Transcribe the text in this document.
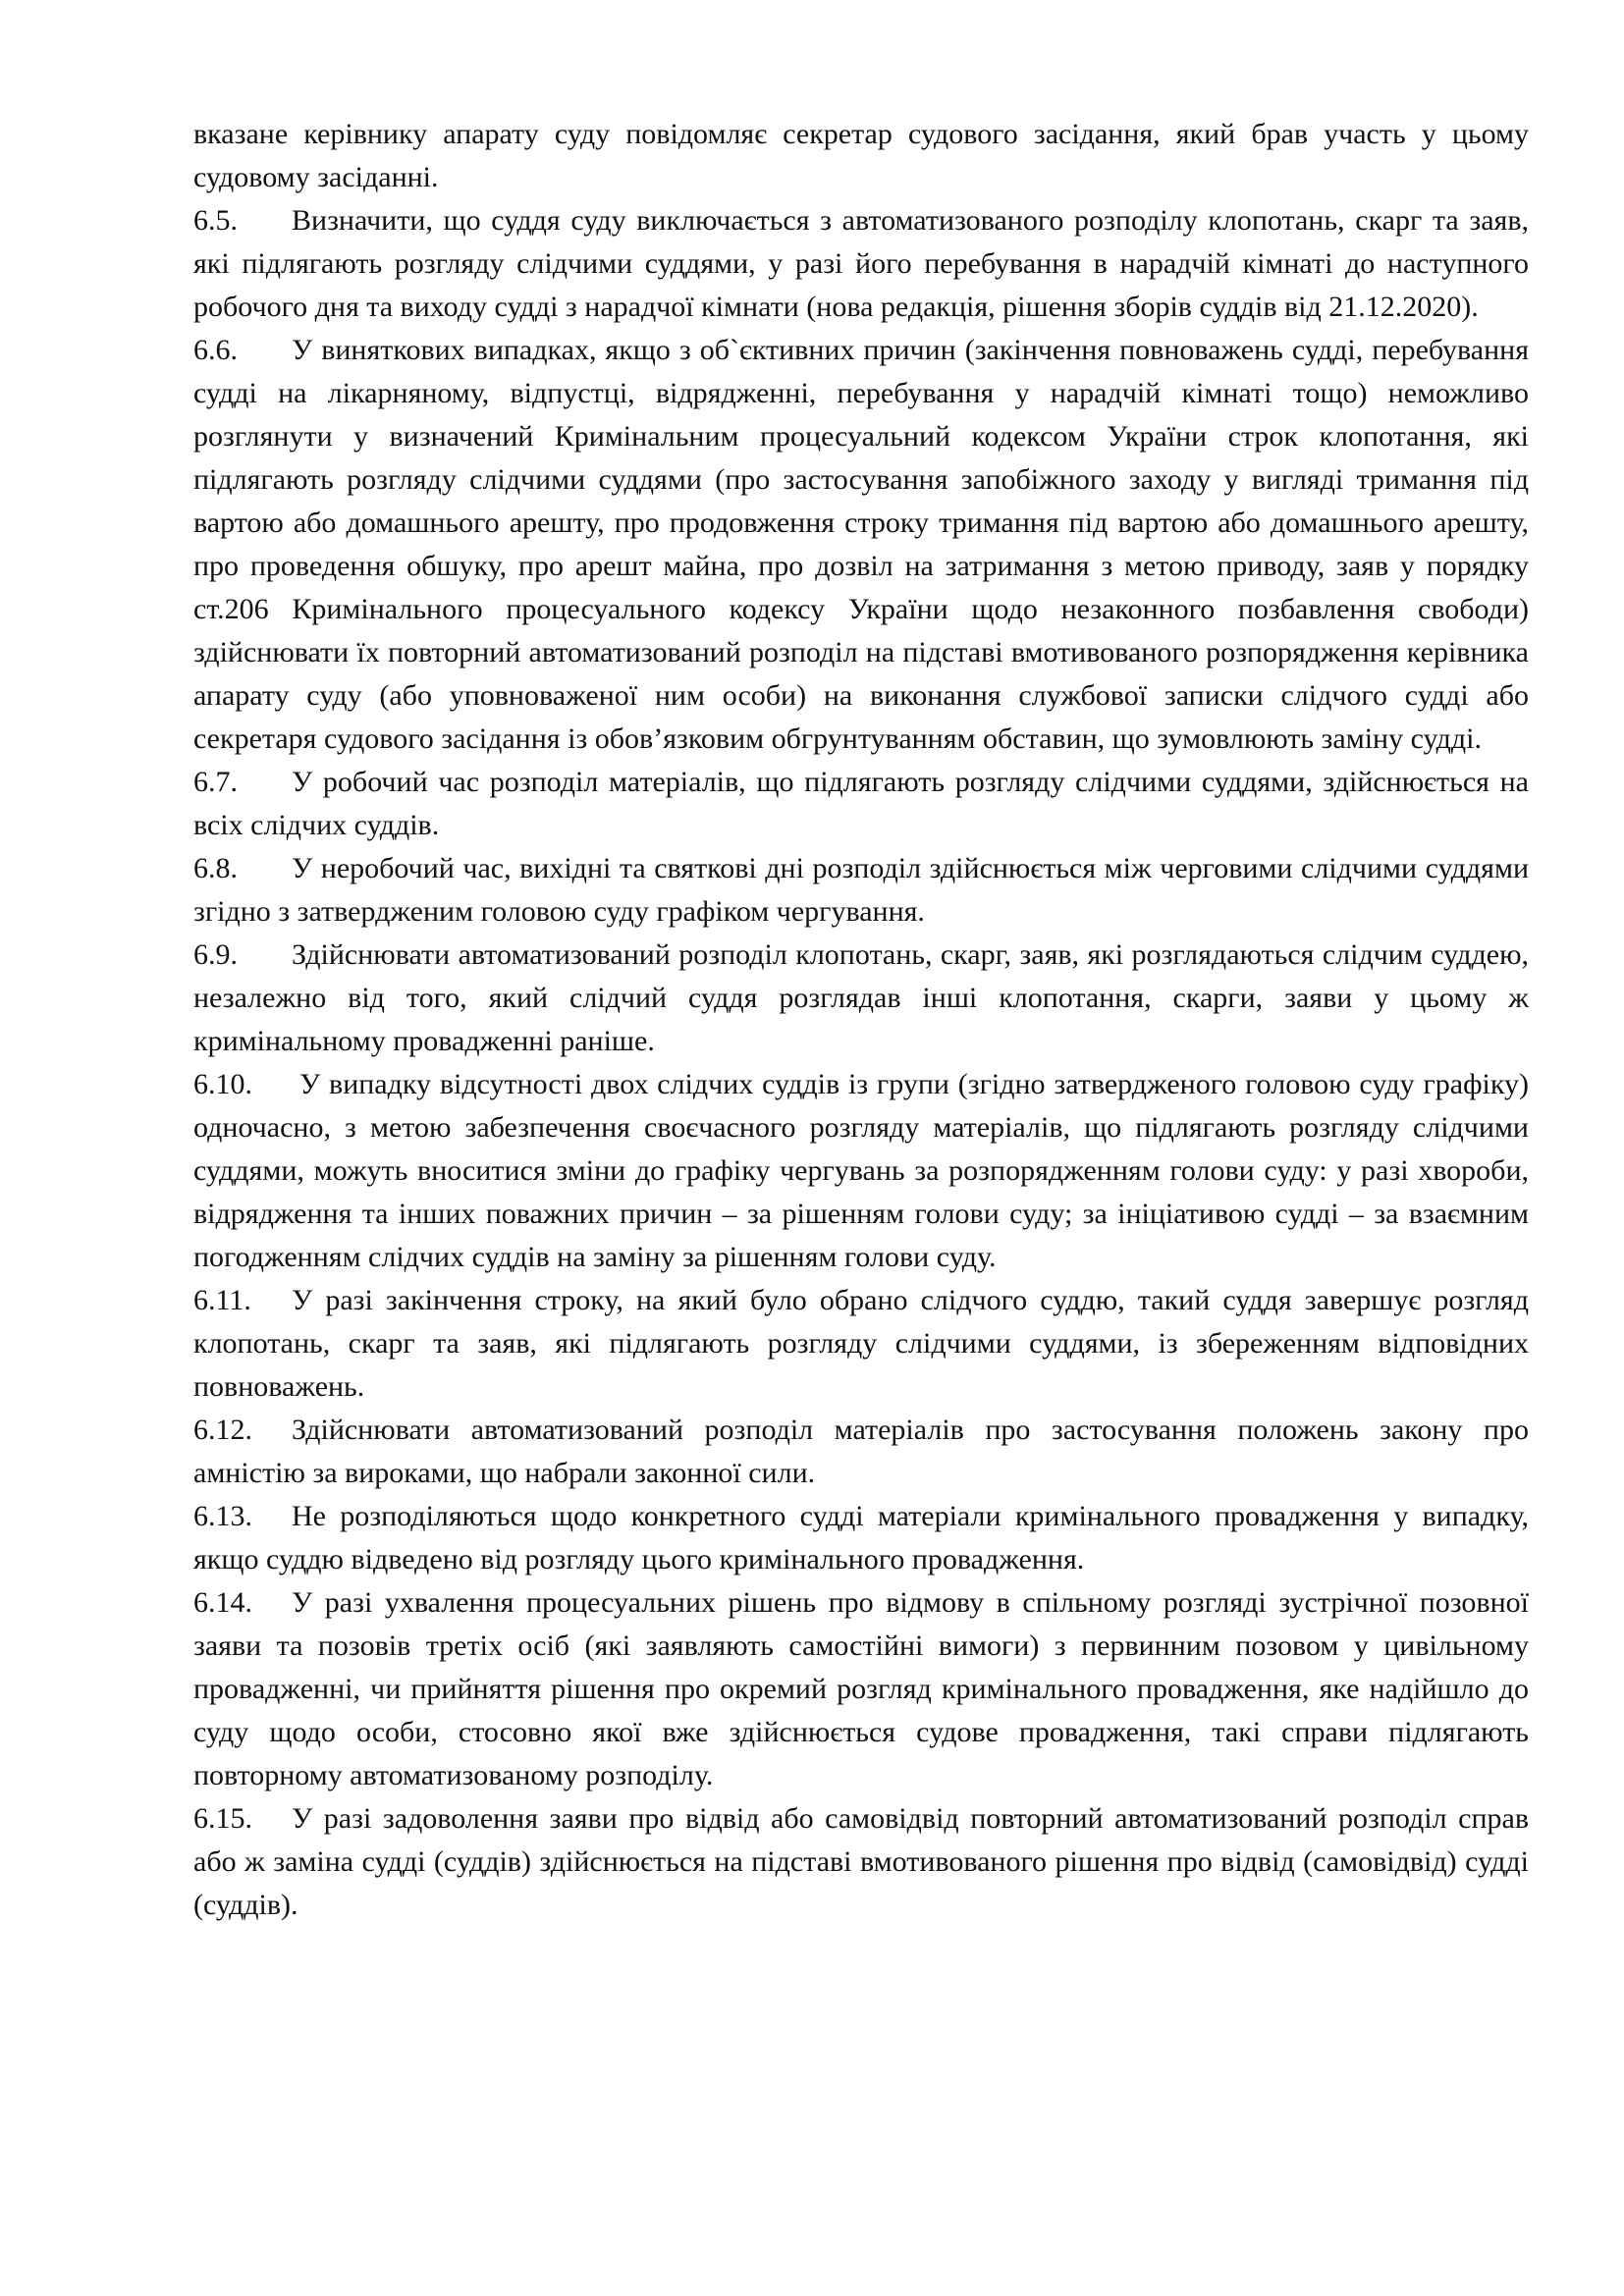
вказане керівнику апарату суду повідомляє секретар судового засідання, який брав участь у цьому судовому засіданні.

6.5. Визначити, що суддя суду виключається з автоматизованого розподілу клопотань, скарг та заяв, які підлягають розгляду слідчими суддями, у разі його перебування в нарадчій кімнаті до наступного робочого дня та виходу судді з нарадчої кімнати (нова редакція, рішення зборів суддів від 21.12.2020).

6.6. У виняткових випадках, якщо з об`єктивних причин (закінчення повноважень судді, перебування судді на лікарняному, відпустці, відрядженні, перебування у нарадчій кімнаті тощо) неможливо розглянути у визначений Кримінальним процесуальний кодексом України строк клопотання, які підлягають розгляду слідчими суддями (про застосування запобіжного заходу у вигляді тримання під вартою або домашнього арешту, про продовження строку тримання під вартою або домашнього арешту, про проведення обшуку, про арешт майна, про дозвіл на затримання з метою приводу, заяв у порядку ст.206 Кримінального процесуального кодексу України щодо незаконного позбавлення свободи) здійснювати їх повторний автоматизований розподіл на підставі вмотивованого розпорядження керівника апарату суду (або уповноваженої ним особи) на виконання службової записки слідчого судді або секретаря судового засідання із обов’язковим обгрунтуванням обставин, що зумовлюють заміну судді.

6.7. У робочий час розподіл матеріалів, що підлягають розгляду слідчими суддями, здійснюється на всіх слідчих суддів.

6.8. У неробочий час, вихідні та святкові дні розподіл здійснюється між черговими слідчими суддями згідно з затвердженим головою суду графіком чергування.

6.9. Здійснювати автоматизований розподіл клопотань, скарг, заяв, які розглядаються слідчим суддею, незалежно від того, який слідчий суддя розглядав інші клопотання, скарги, заяви у цьому ж кримінальному провадженні раніше.

6.10. У випадку відсутності двох слідчих суддів із групи (згідно затвердженого головою суду графіку) одночасно, з метою забезпечення своєчасного розгляду матеріалів, що підлягають розгляду слідчими суддями, можуть вноситися зміни до графіку чергувань за розпорядженням голови суду: у разі хвороби, відрядження та інших поважних причин – за рішенням голови суду; за ініціативою судді – за взаємним погодженням слідчих суддів на заміну за рішенням голови суду.

6.11. У разі закінчення строку, на який було обрано слідчого суддю, такий суддя завершує розгляд клопотань, скарг та заяв, які підлягають розгляду слідчими суддями, із збереженням відповідних повноважень.

6.12. Здійснювати автоматизований розподіл матеріалів про застосування положень закону про амністію за вироками, що набрали законної сили.

6.13. Не розподіляються щодо конкретного судді матеріали кримінального провадження у випадку, якщо суддю відведено від розгляду цього кримінального провадження.

6.14. У разі ухвалення процесуальних рішень про відмову в спільному розгляді зустрічної позовної заяви та позовів третіх осіб (які заявляють самостійні вимоги) з первинним позовом у цивільному провадженні, чи прийняття рішення про окремий розгляд кримінального провадження, яке надійшло до суду щодо особи, стосовно якої вже здійснюється судове провадження, такі справи підлягають повторному автоматизованому розподілу.

6.15. У разі задоволення заяви про відвід або самовідвід повторний автоматизований розподіл справ або ж заміна судді (суддів) здійснюється на підставі вмотивованого рішення про відвід (самовідвід) судді (суддів).
